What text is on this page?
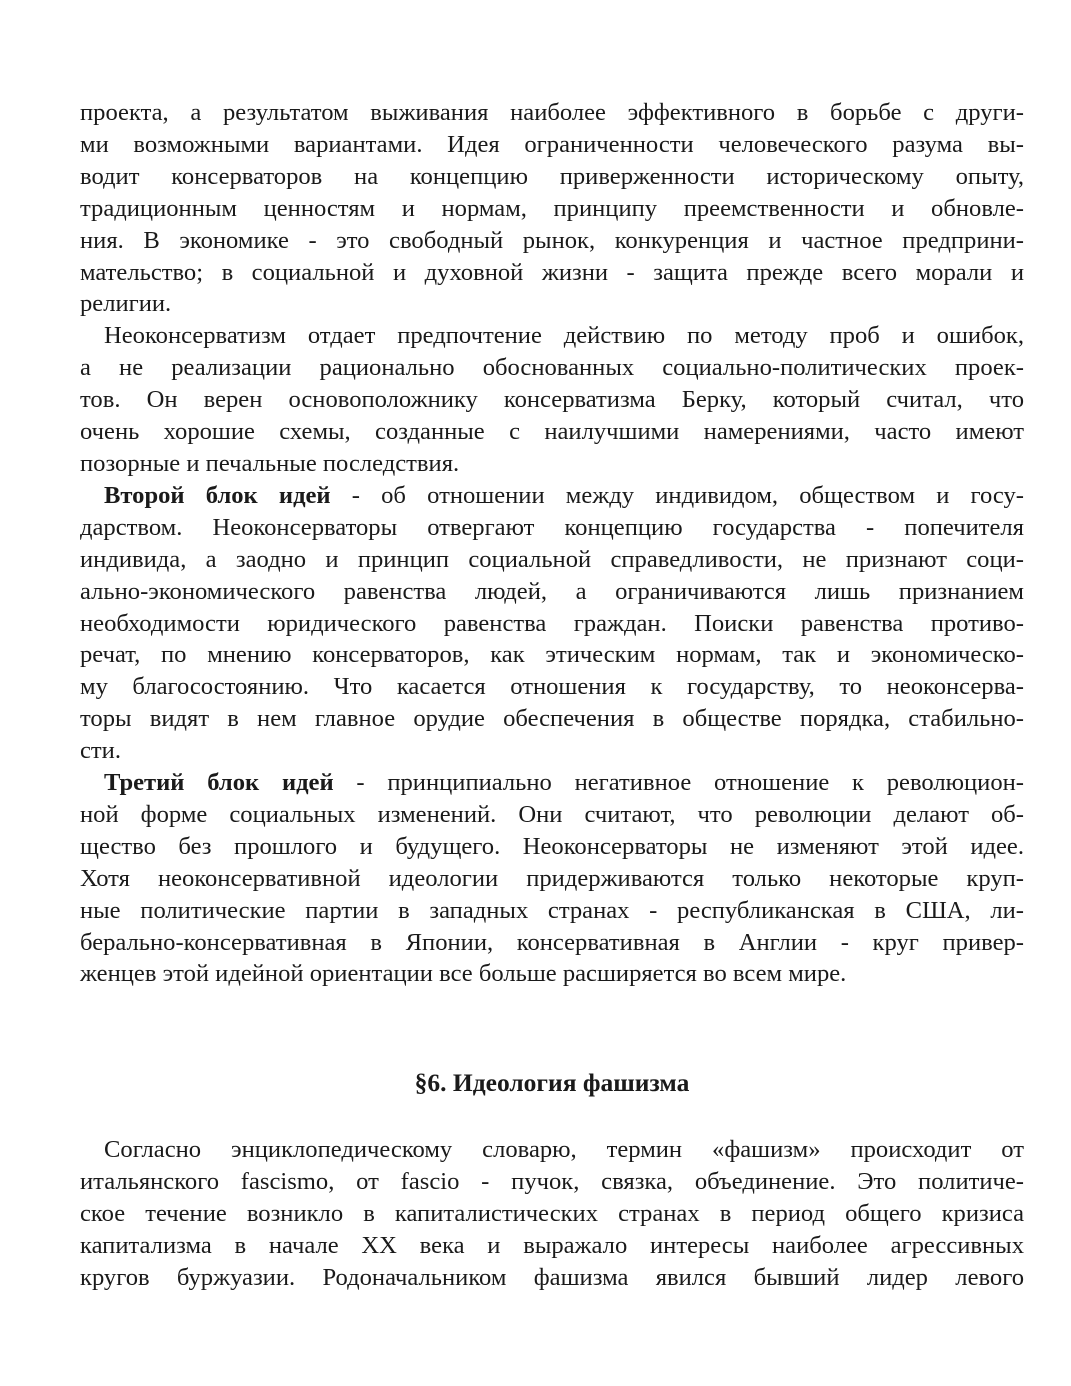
проекта, а результатом выживания наиболее эффективного в борьбе с други-
ми возможными вариантами. Идея ограниченности человеческого разума вы-
водит консерваторов на концепцию приверженности историческому опыту,
традиционным ценностям и нормам, принципу преемственности и обновле-
ния. В экономике - это свободный рынок, конкуренция и частное предприни-
мательство; в социальной и духовной жизни - защита прежде всего морали и
религии.
Неоконсерватизм отдает предпочтение действию по методу проб и ошибок,
а не реализации рационально обоснованных социально-политических проек-
тов. Он верен основоположнику консерватизма Берку, который считал, что
очень хорошие схемы, созданные с наилучшими намерениями, часто имеют
позорные и печальные последствия.
Второй блок идей - об отношении между индивидом, обществом и госу-
дарством. Неоконсерваторы отвергают концепцию государства - попечителя
индивида, а заодно и принцип социальной справедливости, не признают соци-
ально-экономического равенства людей, а ограничиваются лишь признанием
необходимости юридического равенства граждан. Поиски равенства противо-
речат, по мнению консерваторов, как этическим нормам, так и экономическо-
му благосостоянию. Что касается отношения к государству, то неоконсерва-
торы видят в нем главное орудие обеспечения в обществе порядка, стабильно-
сти.
Третий блок идей - принципиально негативное отношение к революцион-
ной форме социальных изменений. Они считают, что революции делают об-
щество без прошлого и будущего. Неоконсерваторы не изменяют этой идее.
Хотя неоконсервативной идеологии придерживаются только некоторые круп-
ные политические партии в западных странах - республиканская в США, ли-
берально-консервативная в Японии, консервативная в Англии - круг привер-
женцев этой идейной ориентации все больше расширяется во всем мире.
§6. Идеология фашизма
Согласно энциклопедическому словарю, термин «фашизм» происходит от
итальянского fascismo, от fascio - пучок, связка, объединение. Это политиче-
ское течение возникло в капиталистических странах в период общего кризиса
капитализма в начале XX века и выражало интересы наиболее агрессивных
кругов буржуазии. Родоначальником фашизма явился бывший лидер левого
